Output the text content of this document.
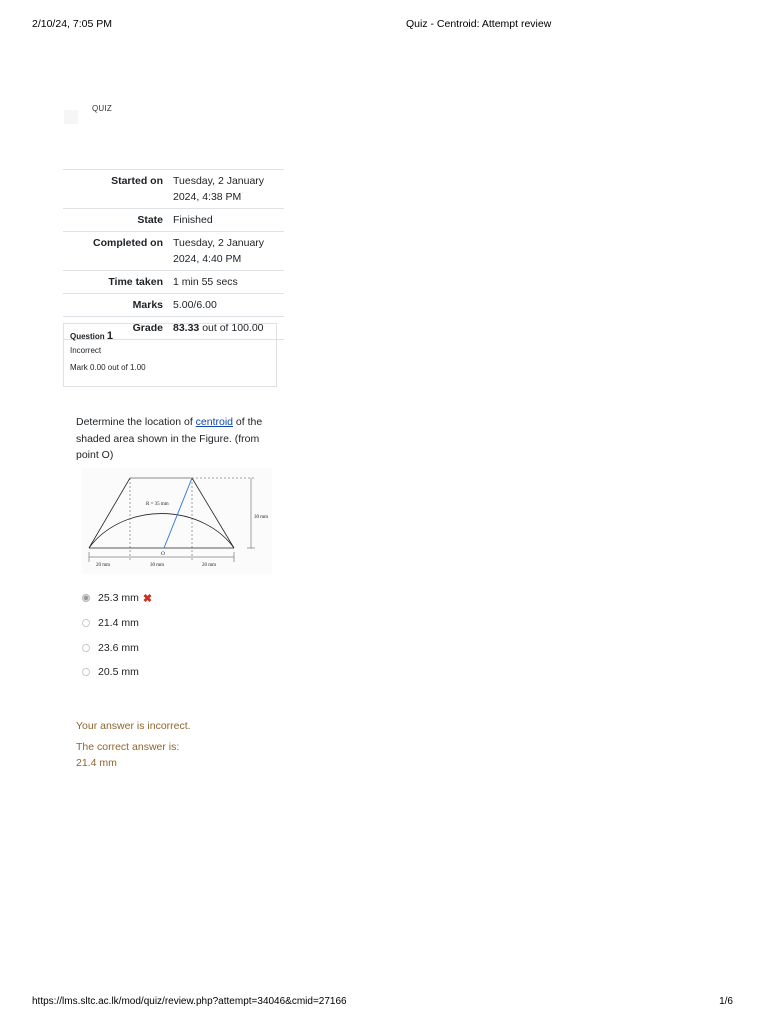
2/10/24, 7:05 PM	Quiz - Centroid: Attempt review
QUIZ
Started on	Tuesday, 2 January
2024, 4:38 PM

State	Finished
Completed on	Tuesday, 2 January
2024, 4:40 PM

Time taken	1 min 55 secs
Marks	5.00/6.00
Grade	83.33 out of 100.00
Question 1
Incorrect
Mark 0.00 out of 1.00
Determine the location of centroid of the shaded area shown in the Figure. (from point O)
R = 35 mm
30 mm
O
20 mm	30 mm	20 mm
25.3 mm ✖
21.4 mm
23.6 mm
20.5 mm
Your answer is incorrect.
The correct answer is:
21.4 mm
https://lms.sltc.ac.lk/mod/quiz/review.php?attempt=34046&cmid=27166	1/6
